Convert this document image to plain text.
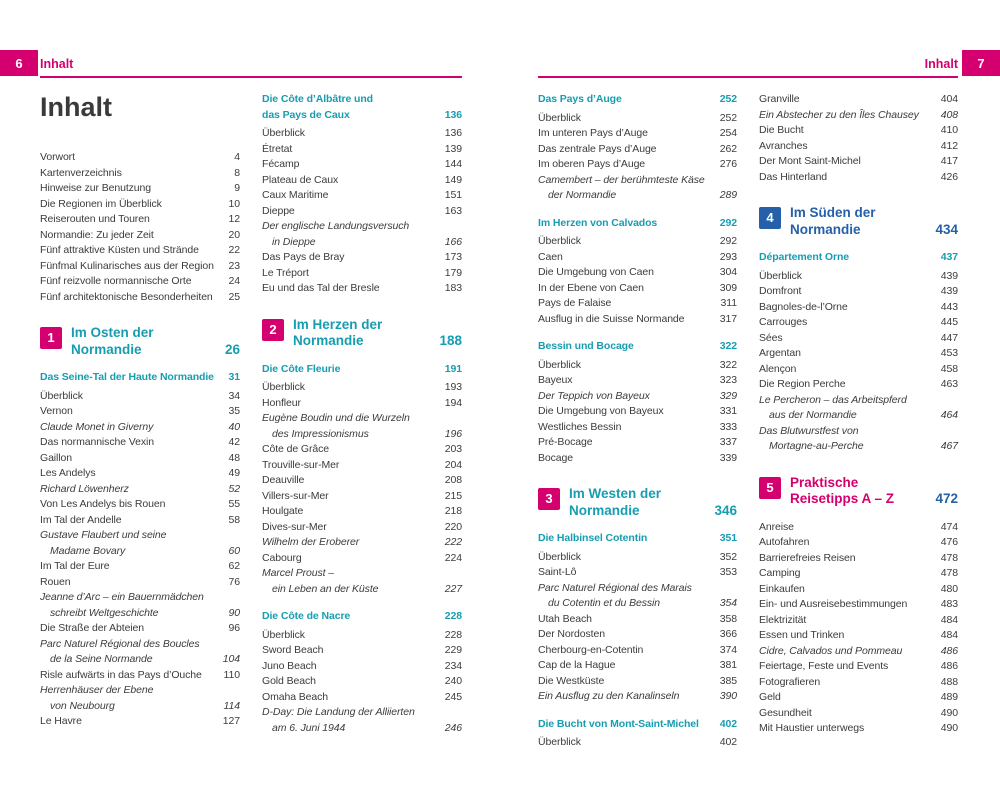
6	Inhalt
Inhalt
Vorwort	4
Kartenverzeichnis	8
Hinweise zur Benutzung	9
Die Regionen im Überblick	10
Reiserouten und Touren	12
Normandie: Zu jeder Zeit	20
Fünf attraktive Küsten und Strände	22
Fünfmal Kulinarisches aus der Region 23
Fünf reizvolle normannische Orte	24
Fünf architektonische Besonderheiten 25
1	Im Osten der
Normandie	26
Das Seine-Tal der Haute Normandie 31
Überblick	34
Vernon	35
Claude Monet in Giverny	40
Das normannische Vexin	42
Gaillon	48
Les Andelys	49
Richard Löwenherz	52
Von Les Andelys bis Rouen	55
Im Tal der Andelle	58
Gustave Flaubert und seine
Madame Bovary	60
Im Tal der Eure	62
Rouen	76
Jeanne d’Arc – ein Bauernmädchen
schreibt Weltgeschichte	90
Die Straße der Abteien	96
Parc Naturel Régional des Boucles
de la Seine Normande	104
Risle aufwärts in das Pays d’Ouche 110
Herrenhäuser der Ebene
von Neubourg	114
Le Havre	127
Die Côte d’Albâtre und
das Pays de Caux	136
Überblick	136
Étretat	139
Fécamp	144
Plateau de Caux	149
Caux Maritime	151
Dieppe	163
Der englische Landungsversuch
in Dieppe	166
Das Pays de Bray	173
Le Tréport	179
Eu und das Tal der Bresle	183
2	Im Herzen der
Normandie	188
Die Côte Fleurie	191
Überblick	193
Honfleur	194
Eugène Boudin und die Wurzeln
des Impressionismus	196
Côte de Grâce	203
Trouville-sur-Mer	204
Deauville	208
Villers-sur-Mer	215
Houlgate	218
Dives-sur-Mer	220
Wilhelm der Eroberer	222
Cabourg	224
Marcel Proust –
ein Leben an der Küste	227
Die Côte de Nacre	228
Überblick	228
Sword Beach	229
Juno Beach	234
Gold Beach	240
Omaha Beach	245
D-Day: Die Landung der Alliierten
am 6. Juni 1944	246
7
Inhalt
Das Pays d’Auge	252
Überblick	252
Im unteren Pays d’Auge	254
Das zentrale Pays d’Auge	262
Im oberen Pays d’Auge	276
Camembert – der berühmteste Käse
der Normandie	289
Im Herzen von Calvados	292
Überblick	292
Caen	293
Die Umgebung von Caen	304
In der Ebene von Caen	309
Pays de Falaise	311
Ausflug in die Suisse Normande	317
Bessin und Bocage	322
Überblick	322
Bayeux	323
Der Teppich von Bayeux	329
Die Umgebung von Bayeux	331
Westliches Bessin	333
Pré-Bocage	337
Bocage	339
3	Im Westen der
Normandie	346
Die Halbinsel Cotentin	351
Überblick	352
Saint-Lô	353
Parc Naturel Régional des Marais
du Cotentin et du Bessin	354
Utah Beach	358
Der Nordosten	366
Cherbourg-en-Cotentin	374
Cap de la Hague	381
Die Westküste	385
Ein Ausflug zu den Kanalinseln	390
Die Bucht von Mont-Saint-Michel 402
Überblick	402
Granville	404
Ein Abstecher zu den Îles Chausey 408
Die Bucht	410
Avranches	412
Der Mont Saint-Michel	417
Das Hinterland	426
4	Im Süden der
Normandie	434
Département Orne	437
Überblick	439
Domfront	439
Bagnoles-de-l’Orne	443
Carrouges	445
Sées	447
Argentan	453
Alençon	458
Die Region Perche	463
Le Percheron – das Arbeitspferd
aus der Normandie	464
Das Blutwurstfest von
Mortagne-au-Perche	467
5	Praktische
Reisetipps A – Z	472
Anreise	474
Autofahren	476
Barrierefreies Reisen	478
Camping	478
Einkaufen	480
Ein- und Ausreisebestimmungen	483
Elektrizität	484
Essen und Trinken	484
Cidre, Calvados und Pommeau	486
Feiertage, Feste und Events	486
Fotografieren	488
Geld	489
Gesundheit	490
Mit Haustier unterwegs	490
